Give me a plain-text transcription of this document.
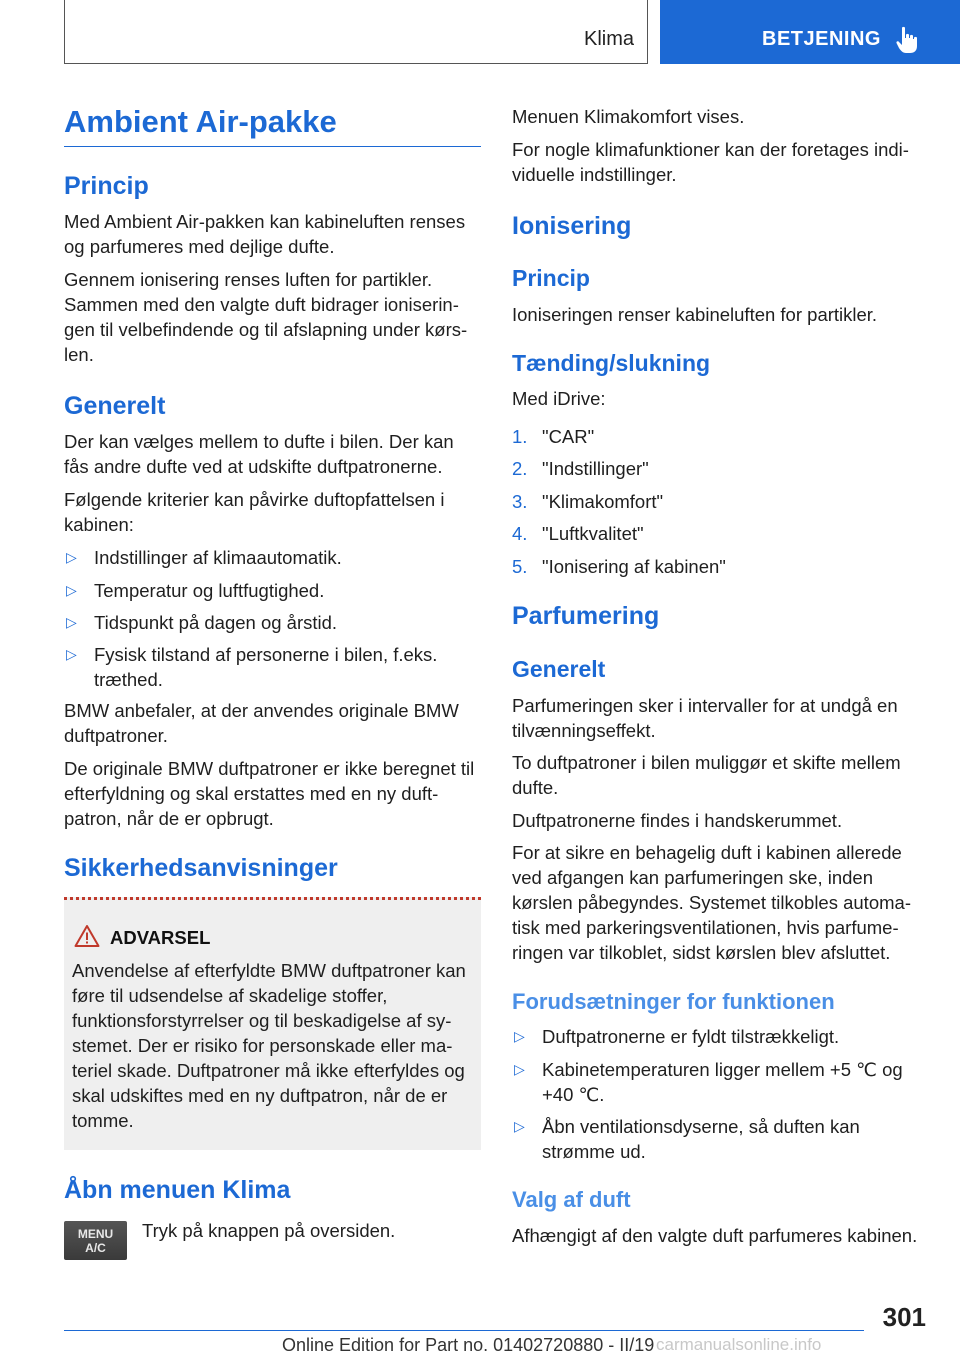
Klima	BETJENING
Ambient Air-pakke
Princip
Med Ambient Air-pakken kan kabineluften renses og parfumeres med dejlige dufte.
Gennem ionisering renses luften for partikler. Sammen med den valgte duft bidrager ioniseringen til velbefindende og til afslapning under kørslen.
Generelt
Der kan vælges mellem to dufte i bilen. Der kan fås andre dufte ved at udskifte duftpatronerne.
Følgende kriterier kan påvirke duftopfattelsen i kabinen:
▷ Indstillinger af klimaautomatik.
▷ Temperatur og luftfugtighed.
▷ Tidspunkt på dagen og årstid.
▷ Fysisk tilstand af personerne i bilen, f.eks. træthed.
BMW anbefaler, at der anvendes originale BMW duftpatroner.
De originale BMW duftpatroner er ikke beregnet til efterfyldning og skal erstattes med en ny duftpatron, når de er opbrugt.
Sikkerhedsanvisninger
ADVARSEL
Anvendelse af efterfyldte BMW duftpatroner kan føre til udsendelse af skadelige stoffer, funktionsforstyrrelser og til beskadigelse af systemet. Der er risiko for personskade eller materiel skade. Duftpatroner må ikke efterfyldes og skal udskiftes med en ny duftpatron, når de er tomme.
Åbn menuen Klima
Tryk på knappen på oversiden.
MENU
A/C
Menuen Klimakomfort vises.
For nogle klimafunktioner kan der foretages individuelle indstillinger.
Ionisering
Princip
Ioniseringen renser kabineluften for partikler.
Tænding/slukning
Med iDrive:
1. "CAR"
2. "Indstillinger"
3. "Klimakomfort"
4. "Luftkvalitet"
5. "Ionisering af kabinen"
Parfumering
Generelt
Parfumeringen sker i intervaller for at undgå en tilvænningseffekt.
To duftpatroner i bilen muliggør et skifte mellem dufte.
Duftpatronerne findes i handskerummet.
For at sikre en behagelig duft i kabinen allerede ved afgangen kan parfumeringen ske, inden kørslen påbegyndes. Systemet tilkobles automatisk med parkeringsventilationen, hvis parfumeringen var tilkoblet, sidst kørslen blev afsluttet.
Forudsætninger for funktionen
▷ Duftpatronerne er fyldt tilstrækkeligt.
▷ Kabinetemperaturen ligger mellem +5 ℃ og +40 ℃.
▷ Åbn ventilationsdyserne, så duften kan strømme ud.
Valg af duft
Afhængigt af den valgte duft parfumeres kabinen.
301
Online Edition for Part no. 01402720880 - II/19 carmanualsonline.info
